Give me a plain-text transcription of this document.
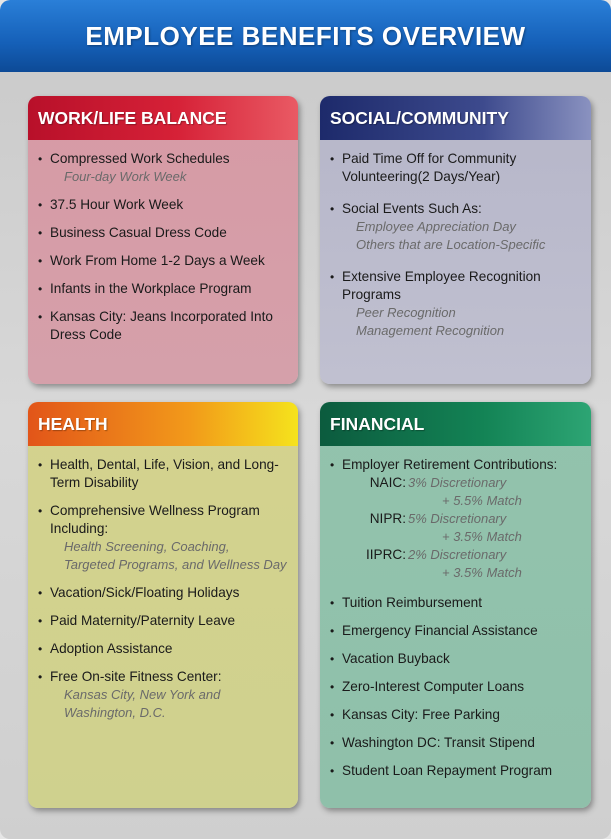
EMPLOYEE BENEFITS OVERVIEW
WORK/LIFE BALANCE
• Compressed Work Schedules
Four-day Work Week
• 37.5 Hour Work Week
• Business Casual Dress Code
• Work From Home 1-2 Days a Week
• Infants in the Workplace Program
• Kansas City: Jeans Incorporated Into Dress Code
SOCIAL/COMMUNITY
• Paid Time Off for Community Volunteering(2 Days/Year)
• Social Events Such As:
Employee Appreciation Day
Others that are Location-Specific
• Extensive Employee Recognition Programs
Peer Recognition
Management Recognition
HEALTH
• Health, Dental, Life, Vision, and Long-Term Disability
• Comprehensive Wellness Program Including:
Health Screening, Coaching,
Targeted Programs, and Wellness Day
• Vacation/Sick/Floating Holidays
• Paid Maternity/Paternity Leave
• Adoption Assistance
• Free On-site Fitness Center:
Kansas City, New York and
Washington, D.C.
FINANCIAL
• Employer Retirement Contributions:
NAIC: 3% Discretionary
+ 5.5% Match
NIPR: 5% Discretionary
+ 3.5% Match
IIPRC: 2% Discretionary
+ 3.5% Match
• Tuition Reimbursement
• Emergency Financial Assistance
• Vacation Buyback
• Zero-Interest Computer Loans
• Kansas City: Free Parking
• Washington DC: Transit Stipend
• Student Loan Repayment Program
